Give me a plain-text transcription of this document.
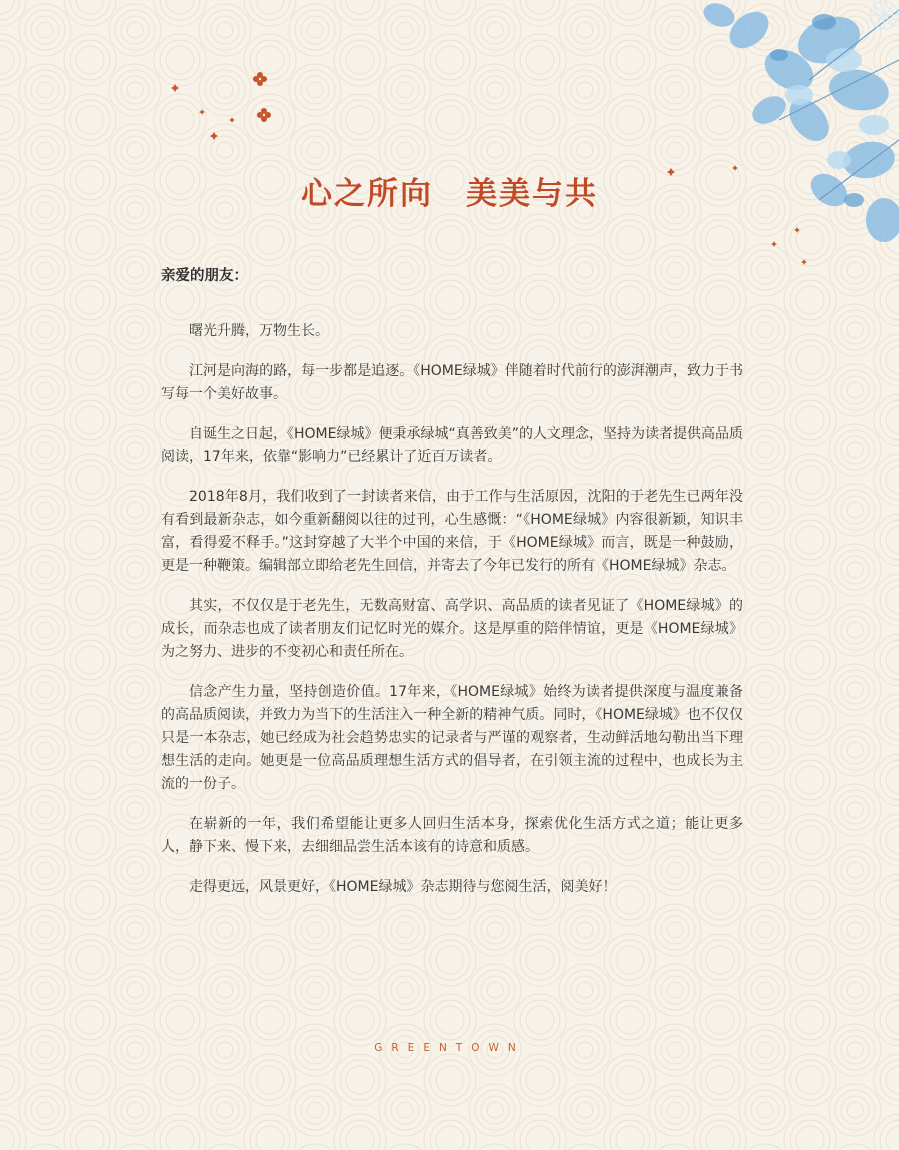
心之所向　美美与共
亲爱的朋友：

曙光升腾，万物生长。

江河是向海的路，每一步都是追逐。《HOME绿城》伴随着时代前行的澎湃潮声，致力于书写每一个美好故事。

自诞生之日起，《HOME绿城》便秉承绿城“真善致美”的人文理念，坚持为读者提供高品质阅读，17年来，依靠“影响力”已经累计了近百万读者。

2018年8月，我们收到了一封读者来信，由于工作与生活原因，沈阳的于老先生已两年没有看到最新杂志，如今重新翻阅以往的过刊，心生感慨：“《HOME绿城》内容很新颖，知识丰富，看得爱不释手。”这封穿越了大半个中国的来信，于《HOME绿城》而言，既是一种鼓励，更是一种鞭策。编辑部立即给老先生回信，并寄去了今年已发行的所有《HOME绿城》杂志。

其实，不仅仅是于老先生，无数高财富、高学识、高品质的读者见证了《HOME绿城》的成长，而杂志也成了读者朋友们记忆时光的媒介。这是厚重的陪伴情谊，更是《HOME绿城》为之努力、进步的不变初心和责任所在。

信念产生力量，坚持创造价值。17年来，《HOME绿城》始终为读者提供深度与温度兼备的高品质阅读，并致力为当下的生活注入一种全新的精神气质。同时，《HOME绿城》也不仅仅只是一本杂志，她已经成为社会趋势忠实的记录者与严谨的观察者，生动鲜活地勾勒出当下理想生活的走向。她更是一位高品质理想生活方式的倡导者，在引领主流的过程中，也成长为主流的一份子。

在崭新的一年，我们希望能让更多人回归生活本身，探索优化生活方式之道；能让更多人，静下来、慢下来，去细细品尝生活本该有的诗意和质感。

走得更远，风景更好，《HOME绿城》杂志期待与您阅生活，阅美好！

GREENTOWN
